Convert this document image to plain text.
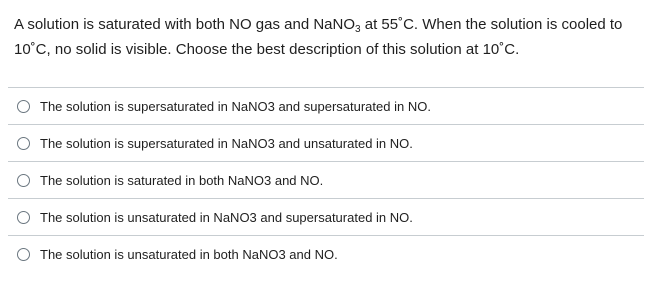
A solution is saturated with both NO gas and NaNO$_3$ at 55˚C. When the solution is cooled to 10˚C, no solid is visible. Choose the best description of this solution at 10˚C.
The solution is supersaturated in NaNO3 and supersaturated in NO.
The solution is supersaturated in NaNO3 and unsaturated in NO.
The solution is saturated in both NaNO3 and NO.
The solution is unsaturated in NaNO3 and supersaturated in NO.
The solution is unsaturated in both NaNO3 and NO.
